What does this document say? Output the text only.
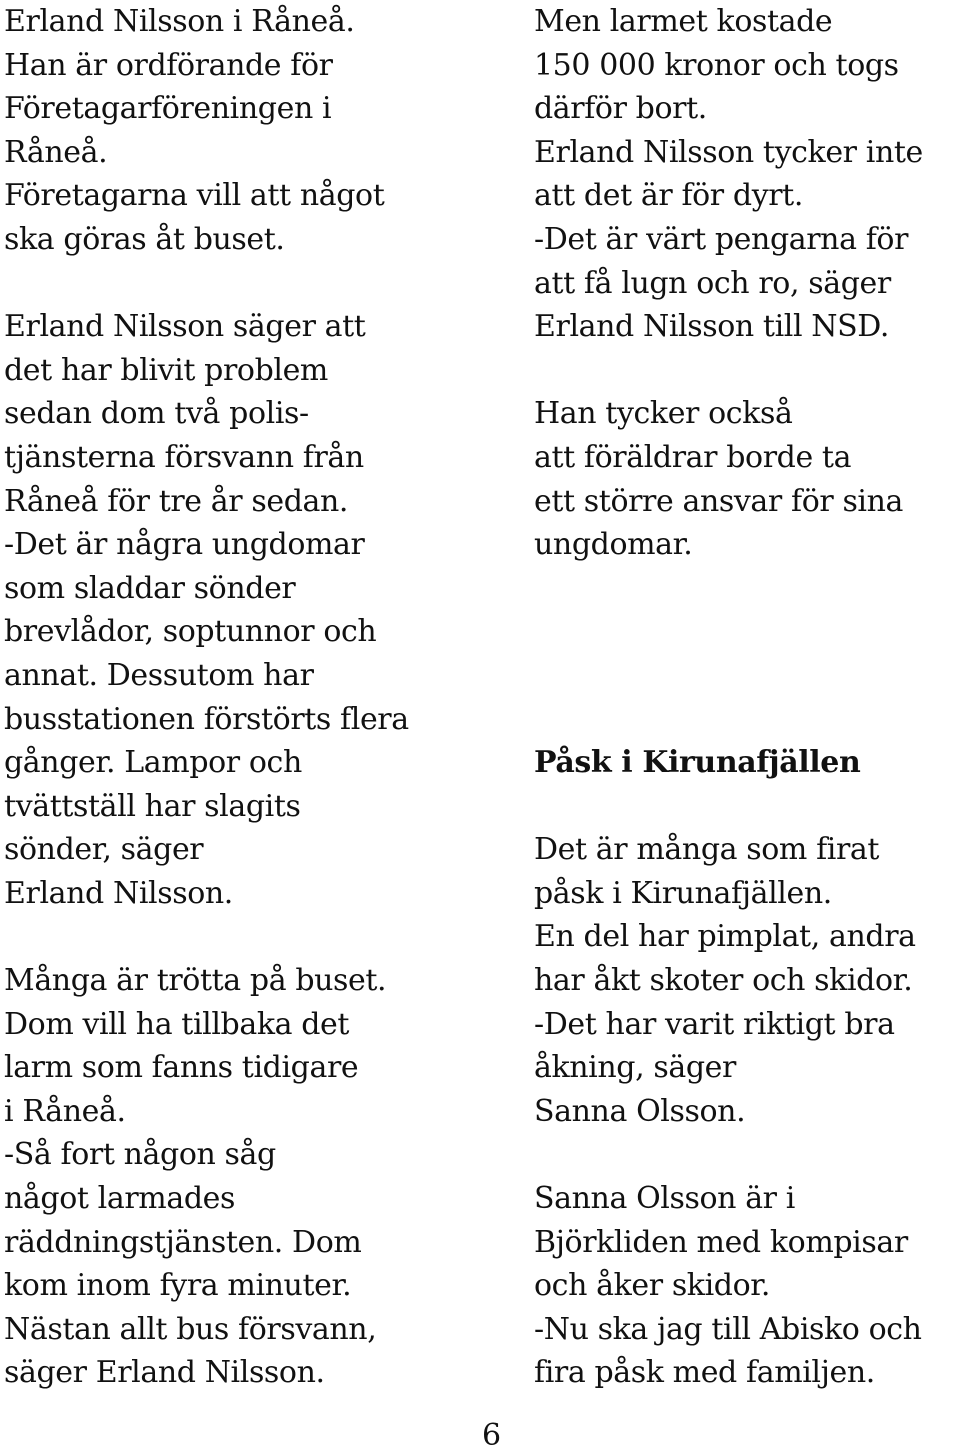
Erland Nilsson i Råneå.
Han är ordförande för
Företagarföreningen i
Råneå.
Företagarna vill att något
ska göras åt buset.
Erland Nilsson säger att
det har blivit problem
sedan dom två polis-
tjänsterna försvann från
Råneå för tre år sedan.
-Det är några ungdomar
som sladdar sönder
brevlådor, soptunnor och
annat. Dessutom har
busstationen förstörts flera
gånger. Lampor och
tvättställ har slagits
sönder, säger
Erland Nilsson.
Många är trötta på buset.
Dom vill ha tillbaka det
larm som fanns tidigare
i Råneå.
-Så fort någon såg
något larmades
räddningstjänsten. Dom
kom inom fyra minuter.
Nästan allt bus försvann,
säger Erland Nilsson.
Men larmet kostade
150 000 kronor och togs
därför bort.
Erland Nilsson tycker inte
att det är för dyrt.
-Det är värt pengarna för
att få lugn och ro, säger
Erland Nilsson till NSD.
Han tycker också
att föräldrar borde ta
ett större ansvar för sina
ungdomar.
Påsk i Kirunafjällen
Det är många som firat
påsk i Kirunafjällen.
En del har pimplat, andra
har åkt skoter och skidor.
-Det har varit riktigt bra
åkning, säger
Sanna Olsson.
Sanna Olsson är i
Björkliden med kompisar
och åker skidor.
-Nu ska jag till Abisko och
fira påsk med familjen.
6
